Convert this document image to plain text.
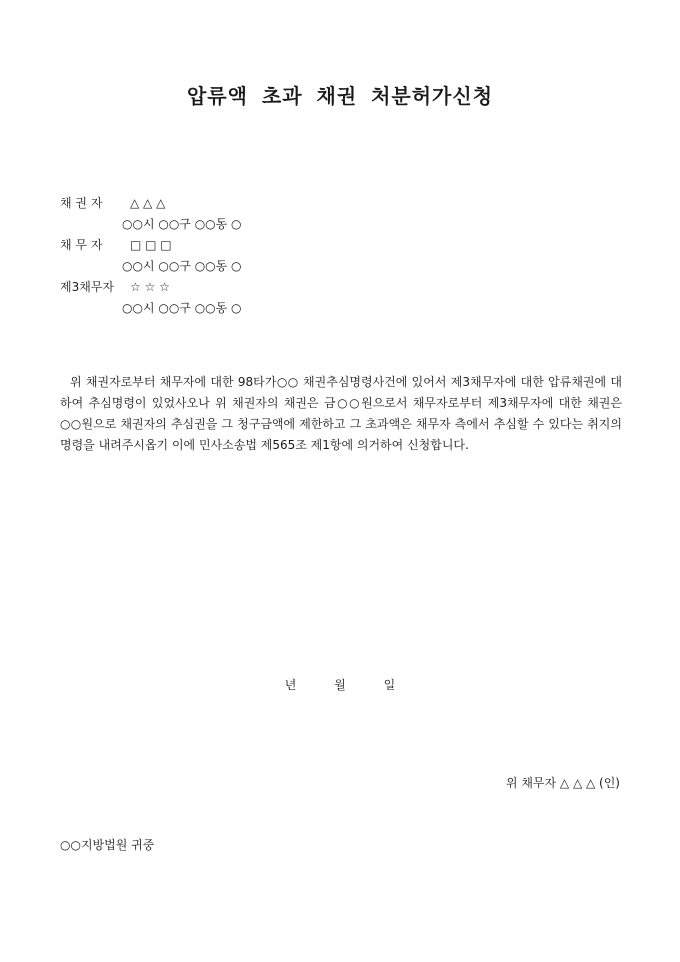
압류액 초과 채권 처분허가신청
채 권 자 △ △ △
○○시 ○○구 ○○동 ○
채 무 자 □ □ □
○○시 ○○구 ○○동 ○
제3채무자 ☆ ☆ ☆
○○시 ○○구 ○○동 ○
위 채권자로부터 채무자에 대한 98타가○○ 채권추심명령사건에 있어서 제3채무자에 대한 압류채권에 대하여 추심명령이 있었사오나 위 채권자의 채권은 금○○원으로서 채무자로부터 제3채무자에 대한 채권은 ○○원으로 채권자의 추심권을 그 청구금액에 제한하고 그 초과액은 채무자 측에서 추심할 수 있다는 취지의 명령을 내려주시옵기 이에 민사소송법 제565조 제1항에 의거하여 신청합니다.
년 월 일
위 채무자 △ △ △ (인)
○○지방법원 귀중
